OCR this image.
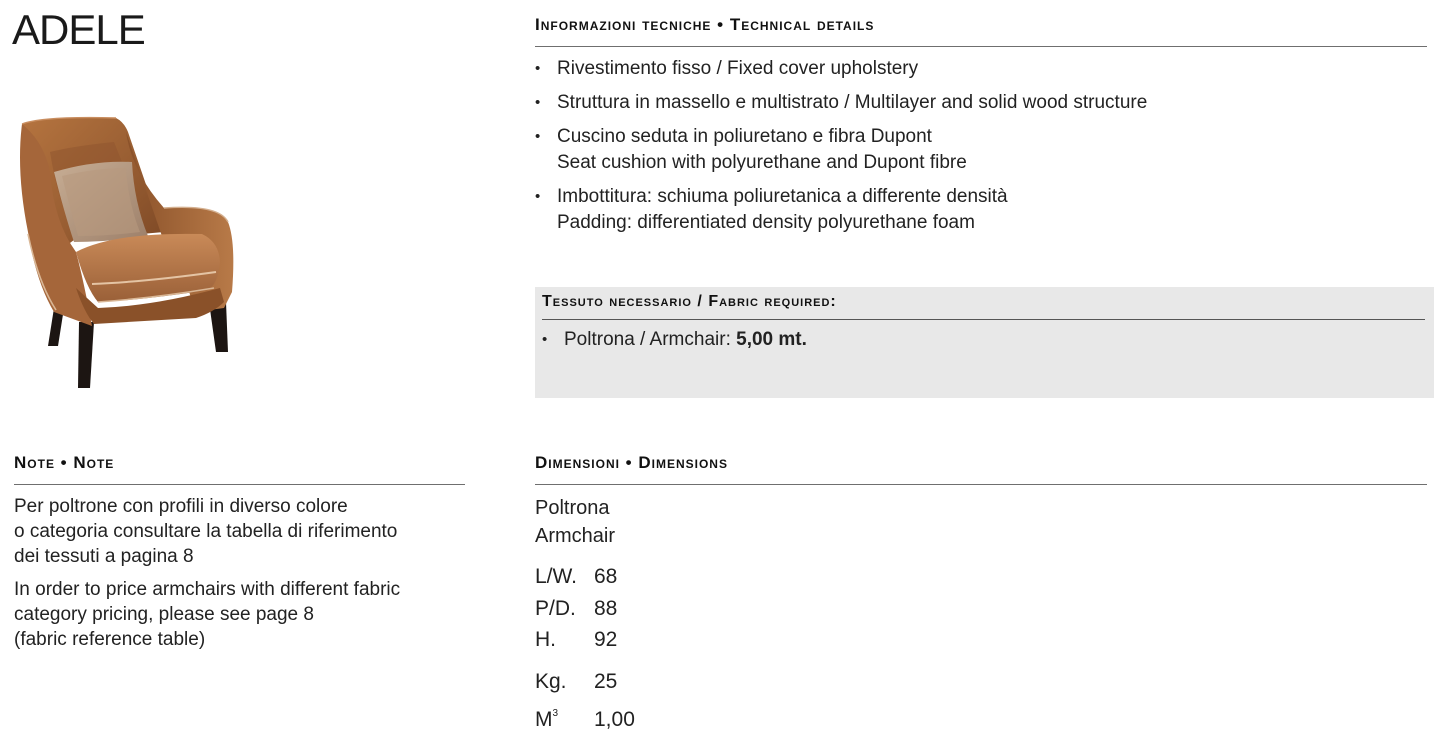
ADELE	Informazioni tecniche • Technical details
• Rivestimento fisso / Fixed cover upholstery
• Struttura in massello e multistrato / Multilayer and solid wood structure
• Cuscino seduta in poliuretano e fibra Dupont
Seat cushion with polyurethane and Dupont fibre
• Imbottitura: schiuma poliuretanica a differente densità
Padding: differentiated density polyurethane foam
Tessuto necessario / Fabric required:
• Poltrona / Armchair: 5,00 mt.
Note • Note

Per poltrone con profili in diverso colore
o categoria consultare la tabella di riferimento
dei tessuti a pagina 8

In order to price armchairs with different fabric
category pricing, please see page 8
(fabric reference table)

Dimensioni • Dimensions
Poltrona
Armchair
L/W. 68
P/D. 88
H. 92
Kg. 25
$M^3$ 1,00
